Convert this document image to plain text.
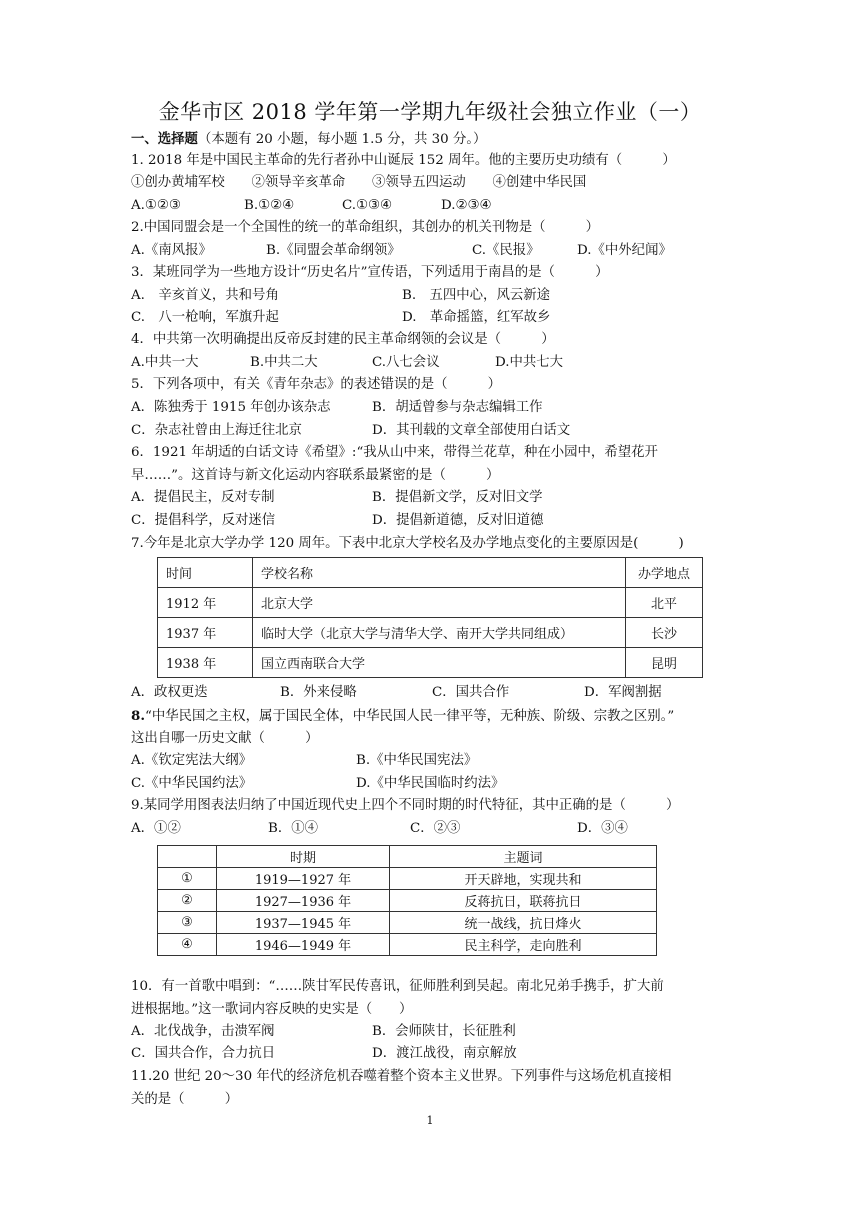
金华市区 2018 学年第一学期九年级社会独立作业（一）
一、选择题（本题有 20 小题，每小题 1.5 分，共 30 分。）
1. 2018 年是中国民主革命的先行者孙中山诞辰 152 周年。他的主要历史功绩有（　　　）
①创办黄埔军校　　②领导辛亥革命　　③领导五四运动　　④创建中华民国
A.①②③	B.①②④	C.①③④	D.②③④
2.中国同盟会是一个全国性的统一的革命组织，其创办的机关刊物是（　　　）
A.《南风报》	B.《同盟会革命纲领》	C.《民报》	D.《中外纪闻》
3．某班同学为一些地方设计“历史名片”宣传语，下列适用于南昌的是（　　　）
A.　辛亥首义，共和号角	B.　五四中心，风云新途
C.　八一枪响，军旗升起	D.　革命摇篮，红军故乡
4．中共第一次明确提出反帝反封建的民主革命纲领的会议是（　　　）
A.中共一大	B.中共二大	C.八七会议	D.中共七大
5．下列各项中，有关《青年杂志》的表述错误的是（　　　）
A．陈独秀于 1915 年创办该杂志	B．胡适曾参与杂志编辑工作
C．杂志社曾由上海迁往北京	D．其刊载的文章全部使用白话文
6．1921 年胡适的白话文诗《希望》:“我从山中来，带得兰花草，种在小园中，希望花开
早……”。这首诗与新文化运动内容联系最紧密的是（　　　）
A．提倡民主，反对专制	B．提倡新文学，反对旧文学
C．提倡科学，反对迷信	D．提倡新道德，反对旧道德
7.今年是北京大学办学 120 周年。下表中北京大学校名及办学地点变化的主要原因是(　　　)
时间	学校名称	办学地点
1912 年	北京大学	北平
1937 年	临时大学（北京大学与清华大学、南开大学共同组成）	长沙
1938 年	国立西南联合大学	昆明
A．政权更迭	B．外来侵略	C．国共合作	D．军阀割据
8.“中华民国之主权，属于国民全体，中华民国人民一律平等，无种族、阶级、宗教之区别。”
这出自哪一历史文献（　　　）
A.《钦定宪法大纲》	B.《中华民国宪法》
C.《中华民国约法》	D.《中华民国临时约法》
9.某同学用图表法归纳了中国近现代史上四个不同时期的时代特征，其中正确的是（　　　）
A．①②	B．①④	C．②③	D．③④
	时期	主题词
①	1919—1927 年	开天辟地，实现共和
②	1927—1936 年	反蒋抗日，联蒋抗日
③	1937—1945 年	统一战线，抗日烽火
④	1946—1949 年	民主科学，走向胜利
10．有一首歌中唱到：“……陕甘军民传喜讯，征师胜利到吴起。南北兄弟手携手，扩大前
进根据地。”这一歌词内容反映的史实是（　　）
A．北伐战争，击溃军阀	B．会师陕甘，长征胜利
C．国共合作，合力抗日	D．渡江战役，南京解放
11.20 世纪 20～30 年代的经济危机吞噬着整个资本主义世界。下列事件与这场危机直接相
关的是（　　　）
1
